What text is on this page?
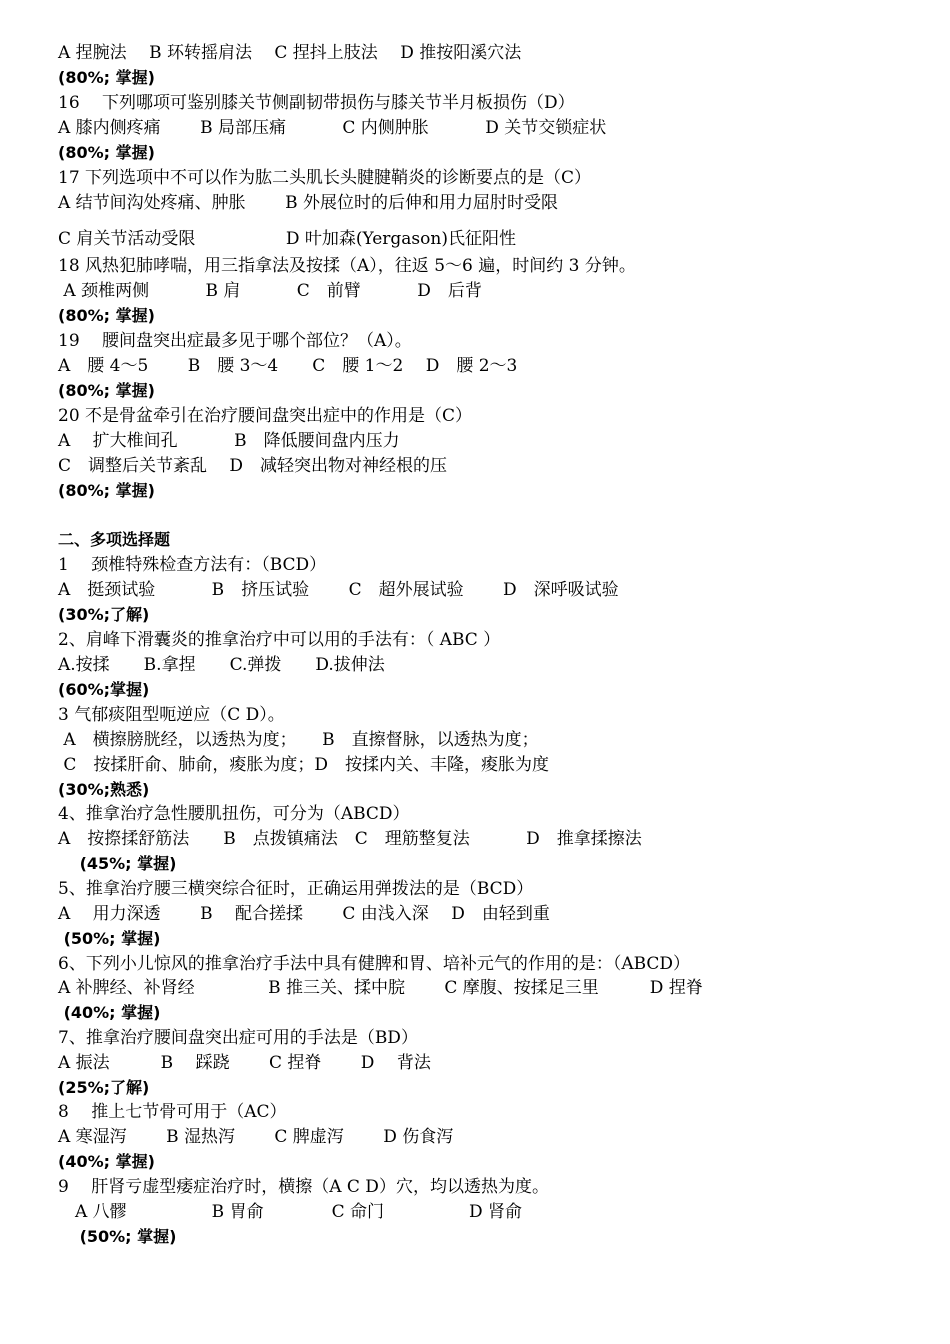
A 捏腕法　 B 环转摇肩法　 C 捏抖上肢法　 D 推按阳溪穴法
(80%; 掌握)
16　 下列哪项可鉴别膝关节侧副韧带损伤与膝关节半月板损伤（D）
A 膝内侧疼痛　　 B 局部压痛　　　 C 内侧肿胀　　　 D 关节交锁症状
(80%; 掌握)
17 下列选项中不可以作为肱二头肌长头腱腱鞘炎的诊断要点的是（C）
A 结节间沟处疼痛、肿胀　　 B 外展位时的后伸和用力屈肘时受限
C 肩关节活动受限　　　　　 D 叶加森(Yergason)氏征阳性
18 风热犯肺哮喘，用三指拿法及按揉（A），往返 5～6 遍，时间约 3 分钟。
A 颈椎两侧　　　 B 肩　　　 C　前臂　　　 D　后背
(80%; 掌握)
19　 腰间盘突出症最多见于哪个部位？（A）。
A　腰 4～5　　 B　腰 3～4　　C　腰 1～2　 D　腰 2～3
(80%; 掌握)
20 不是骨盆牵引在治疗腰间盘突出症中的作用是（C）
A　 扩大椎间孔　　　 B　降低腰间盘内压力
C　调整后关节紊乱　 D　减轻突出物对神经根的压
(80%; 掌握)
二、多项选择题
1　 颈椎特殊检查方法有：（BCD）
A　挺颈试验　　　 B　挤压试验　　 C　超外展试验　　 D　深呼吸试验
(30%;了解)
2、肩峰下滑囊炎的推拿治疗中可以用的手法有：（ ABC ）
A.按揉　　B.拿捏　　C.弹拨　　D.拔伸法
(60%;掌握)
3 气郁痰阻型呃逆应（C D）。
A　横擦膀胱经，以透热为度；　　B　直擦督脉，以透热为度；
C　按揉肝俞、肺俞，痠胀为度；D　按揉内关、丰隆，痠胀为度
(30%;熟悉)
4、推拿治疗急性腰肌扭伤，可分为（ABCD）
A　按摖揉舒筋法　　B　点拨镇痛法　C　理筋整复法　　　 D　推拿揉擦法
　 (45%; 掌握)
5、推拿治疗腰三横突综合征时，正确运用弹拨法的是（BCD）
A　 用力深透　　 B　 配合搓揉　　 C 由浅入深　 D　由轻到重
(50%; 掌握)
6、下列小儿惊风的推拿治疗手法中具有健脾和胃、培补元气的作用的是：（ABCD）
A 补脾经、补肾经　　　　 B 推三关、揉中脘　　 C 摩腹、按揉足三里　　　D 捏脊
(40%; 掌握)
7、推拿治疗腰间盘突出症可用的手法是（BD）
A 振法　　　B　 踩跷　　 C 捏脊　　 D　 背法
(25%;了解)
8　 推上七节骨可用于（AC）
A 寒湿泻　　 B 湿热泻　　 C 脾虚泻　　 D 伤食泻
(40%; 掌握)
9　 肝肾亏虚型痿症治疗时，横擦（A C D）穴，均以透热为度。
　A 八髎　　　　　B 胃俞　　　　C 命门　　　　　D 肾俞
　 (50%; 掌握)
